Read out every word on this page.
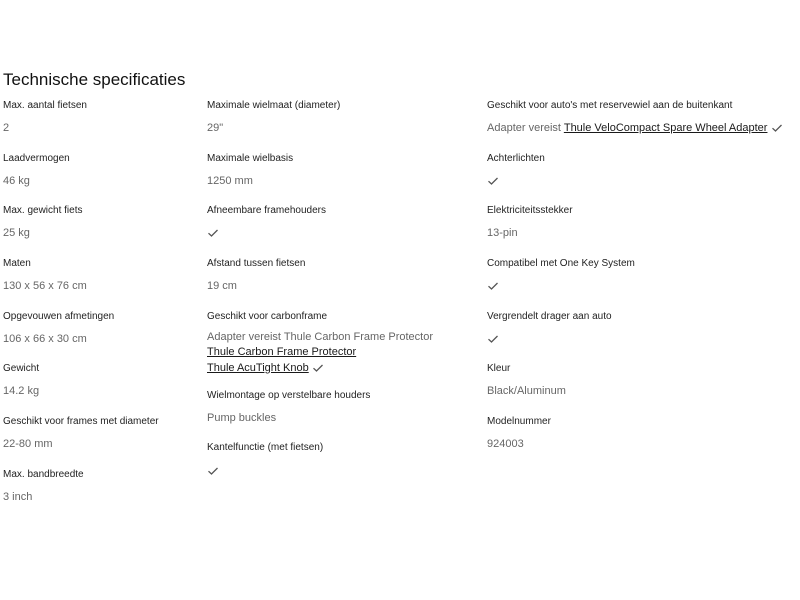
Technische specificaties
Max. aantal fietsen
2
Laadvermogen
46 kg
Max. gewicht fiets
25 kg
Maten
130 x 56 x 76 cm
Opgevouwen afmetingen
106 x 66 x 30 cm
Gewicht
14.2 kg
Geschikt voor frames met diameter
22-80 mm
Max. bandbreedte
3 inch
Maximale wielmaat (diameter)
29"
Maximale wielbasis
1250 mm
Afneembare framehouders
Afstand tussen fietsen
19 cm
Geschikt voor carbonframe
Adapter vereist Thule Carbon Frame Protector
Thule Carbon Frame Protector
Thule AcuTight Knob
Wielmontage op verstelbare houders
Pump buckles
Kantelfunctie (met fietsen)
Geschikt voor auto's met reservewiel aan de buitenkant
Adapter vereist Thule VeloCompact Spare Wheel Adapter
Achterlichten
Elektriciteitsstekker
13-pin
Compatibel met One Key System
Vergrendelt drager aan auto
Kleur
Black/Aluminum
Modelnummer
924003
